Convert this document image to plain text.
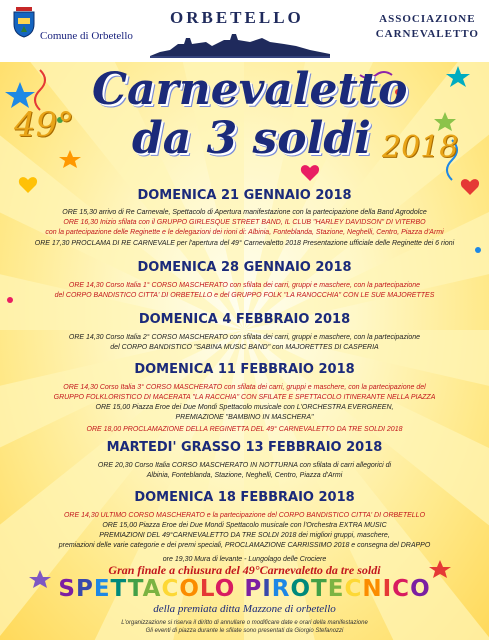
Comune di Orbetello
ORBETELLO	ASSOCIAZIONE
CARNEVALETTO
49°
Carnevaletto
da 3 soldi 2018
DOMENICA 21 GENNAIO 2018
ORE 15,30 arrivo di Re Carnevale, Spettacolo di Apertura manifestazione con la partecipazione della Band Agrodolce
ORE 16,30 Inizio sfilata con il GRUPPO GIRLESQUE STREET BAND, IL CLUB "HARLEY DAVIDSON" DI VITERBO
con la partecipazione delle Reginette e le delegazioni dei rioni di: Albinia, Fonteblanda, Stazione, Neghelli, Centro, Piazza d'Armi
ORE 17,30 PROCLAMA DI RE CARNEVALE per l'apertura del 49° Carnevaletto 2018 Presentazione ufficiale delle Reginette dei 6 rioni
DOMENICA 28 GENNAIO 2018
ORE 14,30 Corso Italia 1° CORSO MASCHERATO con sfilata dei carri, gruppi e maschere, con la partecipazione
del CORPO BANDISTICO CITTA' DI ORBETELLO e del GRUPPO FOLK "LA RANOCCHIA" CON LE SUE MAJORETTES
DOMENICA 4 FEBBRAIO 2018
ORE 14,30 Corso Italia 2° CORSO MASCHERATO con sfilata dei carri, gruppi e maschere, con la partecipazione
del CORPO BANDISTICO "SABINA MUSIC BAND" con MAJORETTES DI CASPERIA
DOMENICA 11 FEBBRAIO 2018
ORE 14,30 Corso Italia 3° CORSO MASCHERATO con sfilata dei carri, gruppi e maschere, con la partecipazione del
GRUPPO FOLKLORISTICO DI MACERATA "LA RACCHIA" CON SFILATE E SPETTACOLO ITINERANTE NELLA PIAZZA
ORE 15,00 Piazza Eroe dei Due Mondi Spettacolo musicale con L'ORCHESTRA EVERGREEN,
PREMIAZIONE "BAMBINO IN MASCHERA"
ORE 18,00 PROCLAMAZIONE DELLA REGINETTA DEL 49° CARNEVALETTO DA TRE SOLDI 2018
MARTEDI' GRASSO 13 FEBBRAIO 2018
ORE 20,30 Corso Italia CORSO MASCHERATO IN NOTTURNA con sfilata di carri allegorici di
Albinia, Fonteblanda, Stazione, Neghelli, Centro, Piazza d'Armi
DOMENICA 18 FEBBRAIO 2018
ORE 14,30 ULTIMO CORSO MASCHERATO e la partecipazione del CORPO BANDISTICO CITTA' DI ORBETELLO
ORE 15,00 Piazza Eroe dei Due Mondi Spettacolo musicale con l'Orchestra EXTRA MUSIC
PREMIAZIONI DEL 49°CARNEVALETTO DA TRE SOLDI 2018 dei migliori gruppi, maschere,
premiazioni delle varie categorie e dei premi speciali, PROCLAMAZIONE CARRISSIMO 2018 e consegna del DRAPPO
ore 19,30 Mura di levante - Lungolago delle Crociere
Gran finale a chiusura del 49°Carnevaletto da tre soldi
SPETTACOLO PIROTECNICO
della premiata ditta Mazzone di orbetello
L'organizzazione si riserva il diritto di annullare o modificare date e orari della manifestazione
Gli eventi di piazza durante le sfilate sono presentati da Giorgio Stefanozzi
